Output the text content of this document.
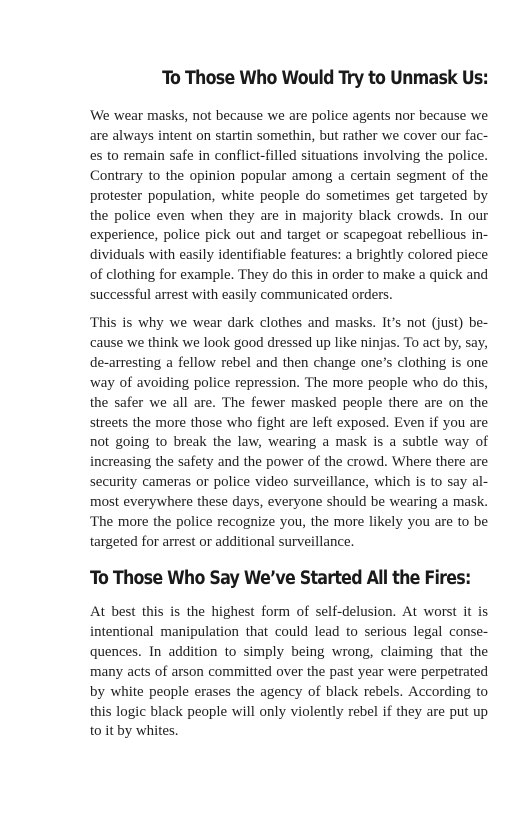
To Those Who Would Try to Unmask Us:

We wear masks, not because we are police agents nor because we are always intent on startin somethin, but rather we cover our faces to remain safe in conflict-filled situations involving the police. Contrary to the opinion popular among a certain segment of the protester population, white people do sometimes get targeted by the police even when they are in majority black crowds. In our experience, police pick out and target or scapegoat rebellious individuals with easily identifiable features: a brightly colored piece of clothing for example. They do this in order to make a quick and successful arrest with easily communicated orders.

This is why we wear dark clothes and masks. It’s not (just) because we think we look good dressed up like ninjas. To act by, say, de-arresting a fellow rebel and then change one’s clothing is one way of avoiding police repression. The more people who do this, the safer we all are. The fewer masked people there are on the streets the more those who fight are left exposed. Even if you are not going to break the law, wearing a mask is a subtle way of increasing the safety and the power of the crowd. Where there are security cameras or police video surveillance, which is to say almost everywhere these days, everyone should be wearing a mask. The more the police recognize you, the more likely you are to be targeted for arrest or additional surveillance.

To Those Who Say We’ve Started All the Fires:

At best this is the highest form of self-delusion. At worst it is intentional manipulation that could lead to serious legal consequences. In addition to simply being wrong, claiming that the many acts of arson committed over the past year were perpetrated by white people erases the agency of black rebels. According to this logic black people will only violently rebel if they are put up to it by whites.
